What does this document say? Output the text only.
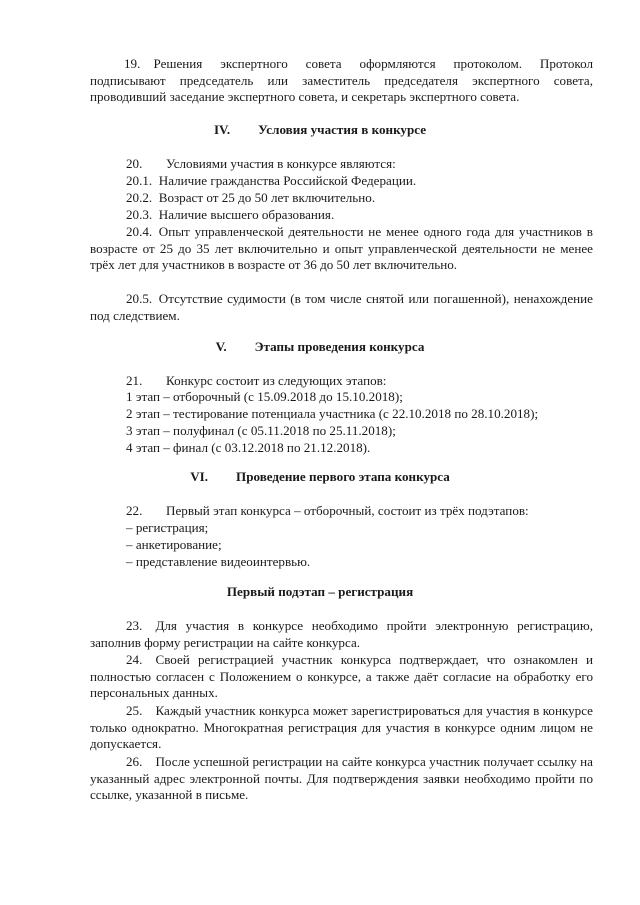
19. Решения экспертного совета оформляются протоколом. Протокол подписывают председатель или заместитель председателя экспертного совета, проводивший заседание экспертного совета, и секретарь экспертного совета.

IV. Условия участия в конкурсе

20. Условиями участия в конкурсе являются:

20.1. Наличие гражданства Российской Федерации.

20.2. Возраст от 25 до 50 лет включительно.

20.3. Наличие высшего образования.

20.4. Опыт управленческой деятельности не менее одного года для участников в возрасте от 25 до 35 лет включительно и опыт управленческой деятельности не менее трёх лет для участников в возрасте от 36 до 50 лет включительно.

20.5. Отсутствие судимости (в том числе снятой или погашенной), ненахождение под следствием.

V. Этапы проведения конкурса

21. Конкурс состоит из следующих этапов:

1 этап – отборочный (с 15.09.2018 до 15.10.2018);

2 этап – тестирование потенциала участника (с 22.10.2018 по 28.10.2018);

3 этап – полуфинал (с 05.11.2018 по 25.11.2018);

4 этап – финал (с 03.12.2018 по 21.12.2018).

VI. Проведение первого этапа конкурса

22. Первый этап конкурса – отборочный, состоит из трёх подэтапов:

– регистрация;

– анкетирование;

– представление видеоинтервью.

Первый подэтап – регистрация

23. Для участия в конкурсе необходимо пройти электронную регистрацию, заполнив форму регистрации на сайте конкурса.

24. Своей регистрацией участник конкурса подтверждает, что ознакомлен и полностью согласен с Положением о конкурсе, а также даёт согласие на обработку его персональных данных.

25. Каждый участник конкурса может зарегистрироваться для участия в конкурсе только однократно. Многократная регистрация для участия в конкурсе одним лицом не допускается.

26. После успешной регистрации на сайте конкурса участник получает ссылку на указанный адрес электронной почты. Для подтверждения заявки необходимо пройти по ссылке, указанной в письме.
